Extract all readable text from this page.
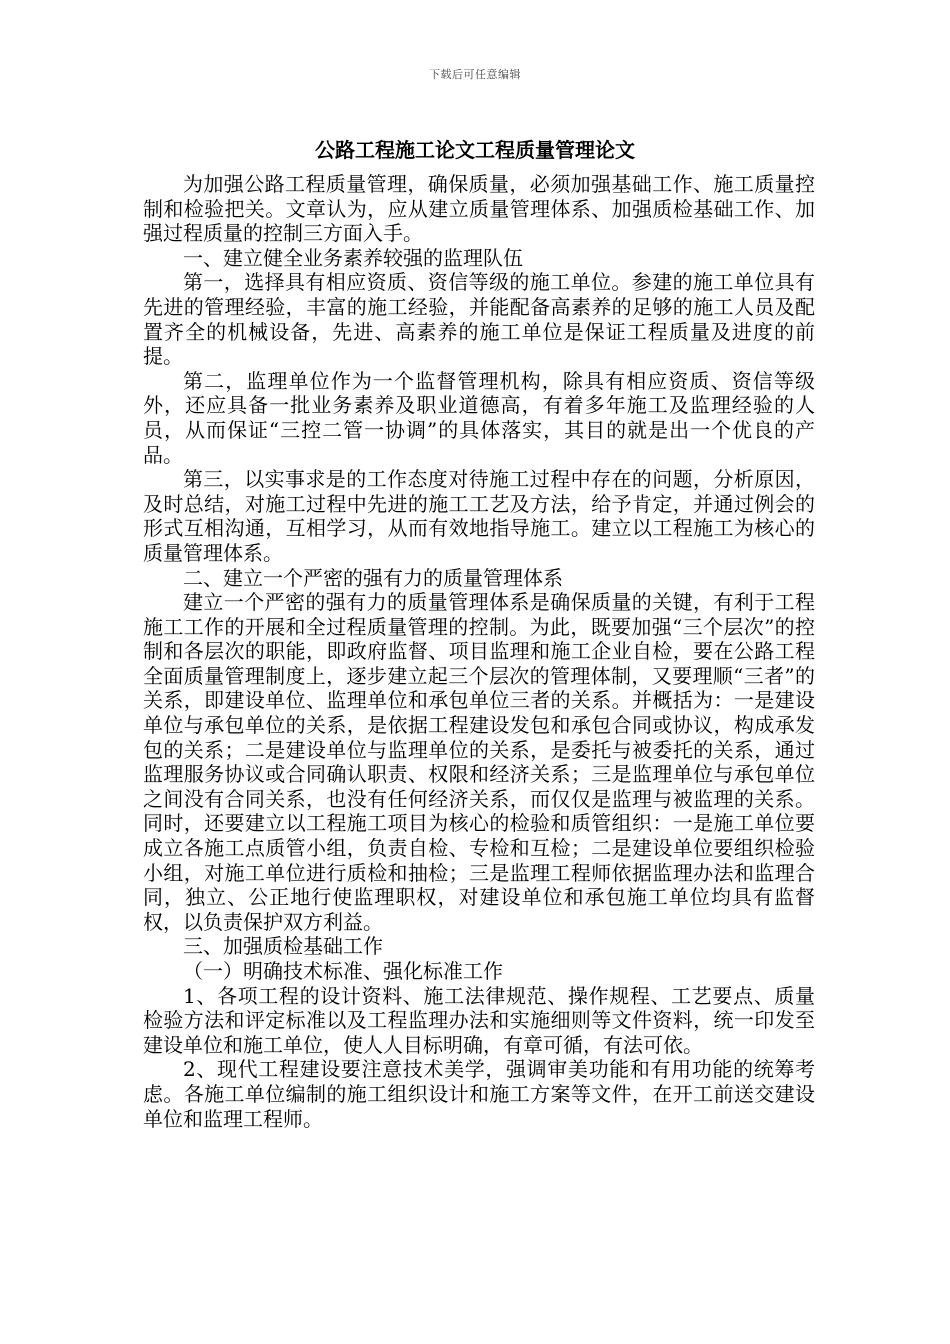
下载后可任意编辑
公路工程施工论文工程质量管理论文

为加强公路工程质量管理，确保质量，必须加强基础工作、施工质量控制和检验把关。文章认为，应从建立质量管理体系、加强质检基础工作、加强过程质量的控制三方面入手。

一、建立健全业务素养较强的监理队伍

第一，选择具有相应资质、资信等级的施工单位。参建的施工单位具有先进的管理经验，丰富的施工经验，并能配备高素养的足够的施工人员及配置齐全的机械设备，先进、高素养的施工单位是保证工程质量及进度的前提。

第二，监理单位作为一个监督管理机构，除具有相应资质、资信等级外，还应具备一批业务素养及职业道德高，有着多年施工及监理经验的人员，从而保证“三控二管一协调”的具体落实，其目的就是出一个优良的产品。

第三，以实事求是的工作态度对待施工过程中存在的问题，分析原因，及时总结，对施工过程中先进的施工工艺及方法，给予肯定，并通过例会的形式互相沟通，互相学习，从而有效地指导施工。建立以工程施工为核心的质量管理体系。

二、建立一个严密的强有力的质量管理体系

建立一个严密的强有力的质量管理体系是确保质量的关键，有利于工程施工工作的开展和全过程质量管理的控制。为此，既要加强“三个层次”的控制和各层次的职能，即政府监督、项目监理和施工企业自检，要在公路工程全面质量管理制度上，逐步建立起三个层次的管理体制，又要理顺“三者”的关系，即建设单位、监理单位和承包单位三者的关系。并概括为：一是建设单位与承包单位的关系，是依据工程建设发包和承包合同或协议，构成承发包的关系；二是建设单位与监理单位的关系，是委托与被委托的关系，通过监理服务协议或合同确认职责、权限和经济关系；三是监理单位与承包单位之间没有合同关系，也没有任何经济关系，而仅仅是监理与被监理的关系。同时，还要建立以工程施工项目为核心的检验和质管组织：一是施工单位要成立各施工点质管小组，负责自检、专检和互检；二是建设单位要组织检验小组，对施工单位进行质检和抽检；三是监理工程师依据监理办法和监理合同，独立、公正地行使监理职权，对建设单位和承包施工单位均具有监督权，以负责保护双方利益。

三、加强质检基础工作

（一）明确技术标准、强化标准工作

1、各项工程的设计资料、施工法律规范、操作规程、工艺要点、质量检验方法和评定标准以及工程监理办法和实施细则等文件资料，统一印发至建设单位和施工单位，使人人目标明确，有章可循，有法可依。

2、现代工程建设要注意技术美学，强调审美功能和有用功能的统筹考虑。各施工单位编制的施工组织设计和施工方案等文件，在开工前送交建设单位和监理工程师。
